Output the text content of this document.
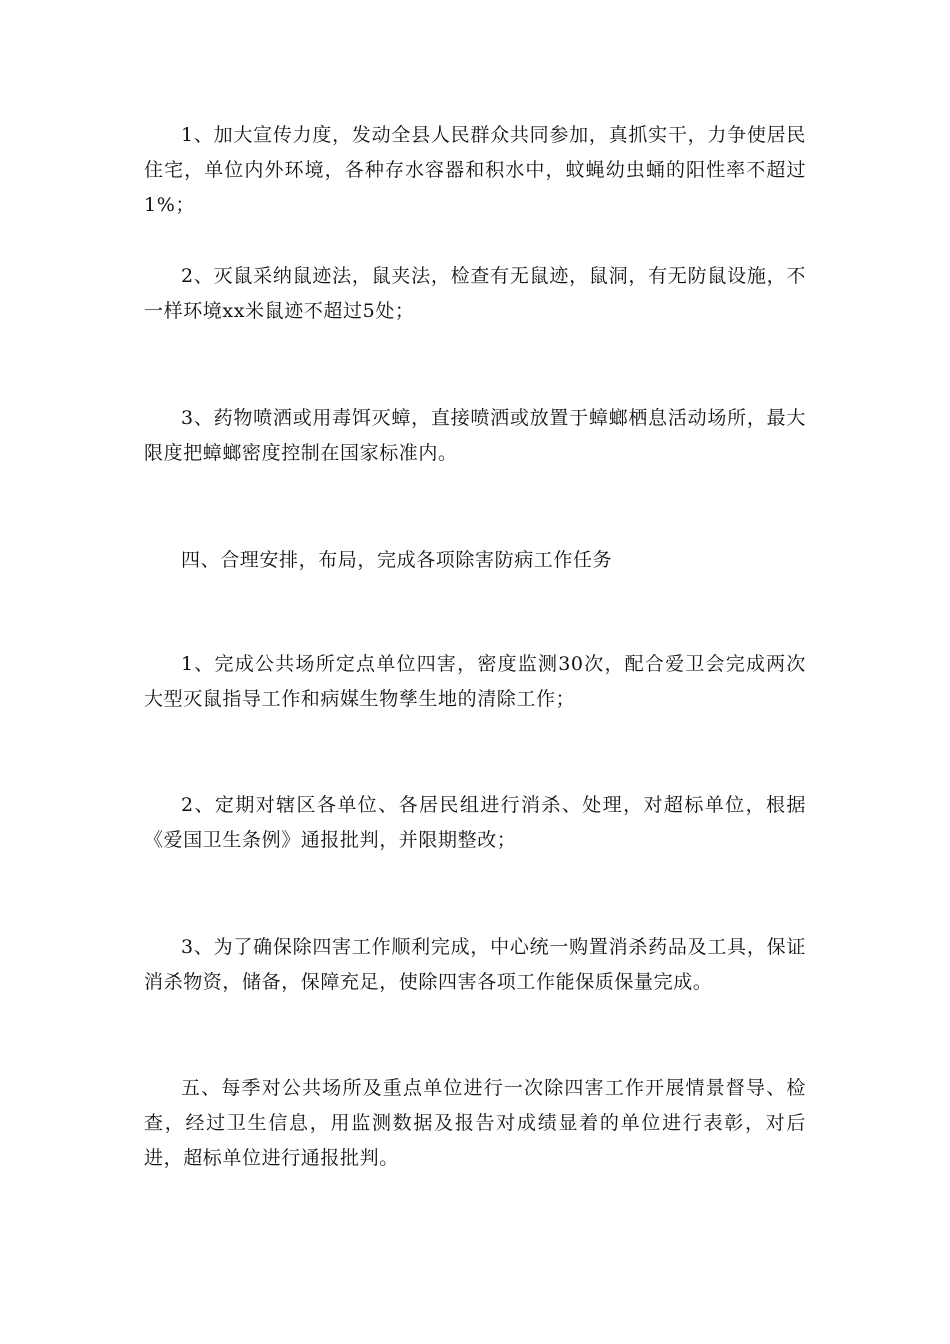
1、加大宣传力度，发动全县人民群众共同参加，真抓实干，力争使居民住宅，单位内外环境，各种存水容器和积水中，蚊蝇幼虫蛹的阳性率不超过1%；

2、灭鼠采纳鼠迹法，鼠夹法，检查有无鼠迹，鼠洞，有无防鼠设施，不一样环境xx米鼠迹不超过5处；

3、药物喷洒或用毒饵灭蟑，直接喷洒或放置于蟑螂栖息活动场所，最大限度把蟑螂密度控制在国家标准内。

四、合理安排，布局，完成各项除害防病工作任务

1、完成公共场所定点单位四害，密度监测30次，配合爱卫会完成两次大型灭鼠指导工作和病媒生物孳生地的清除工作；

2、定期对辖区各单位、各居民组进行消杀、处理，对超标单位，根据《爱国卫生条例》通报批判，并限期整改；

3、为了确保除四害工作顺利完成，中心统一购置消杀药品及工具，保证消杀物资，储备，保障充足，使除四害各项工作能保质保量完成。

五、每季对公共场所及重点单位进行一次除四害工作开展情景督导、检查，经过卫生信息，用监测数据及报告对成绩显着的单位进行表彰，对后进，超标单位进行通报批判。
